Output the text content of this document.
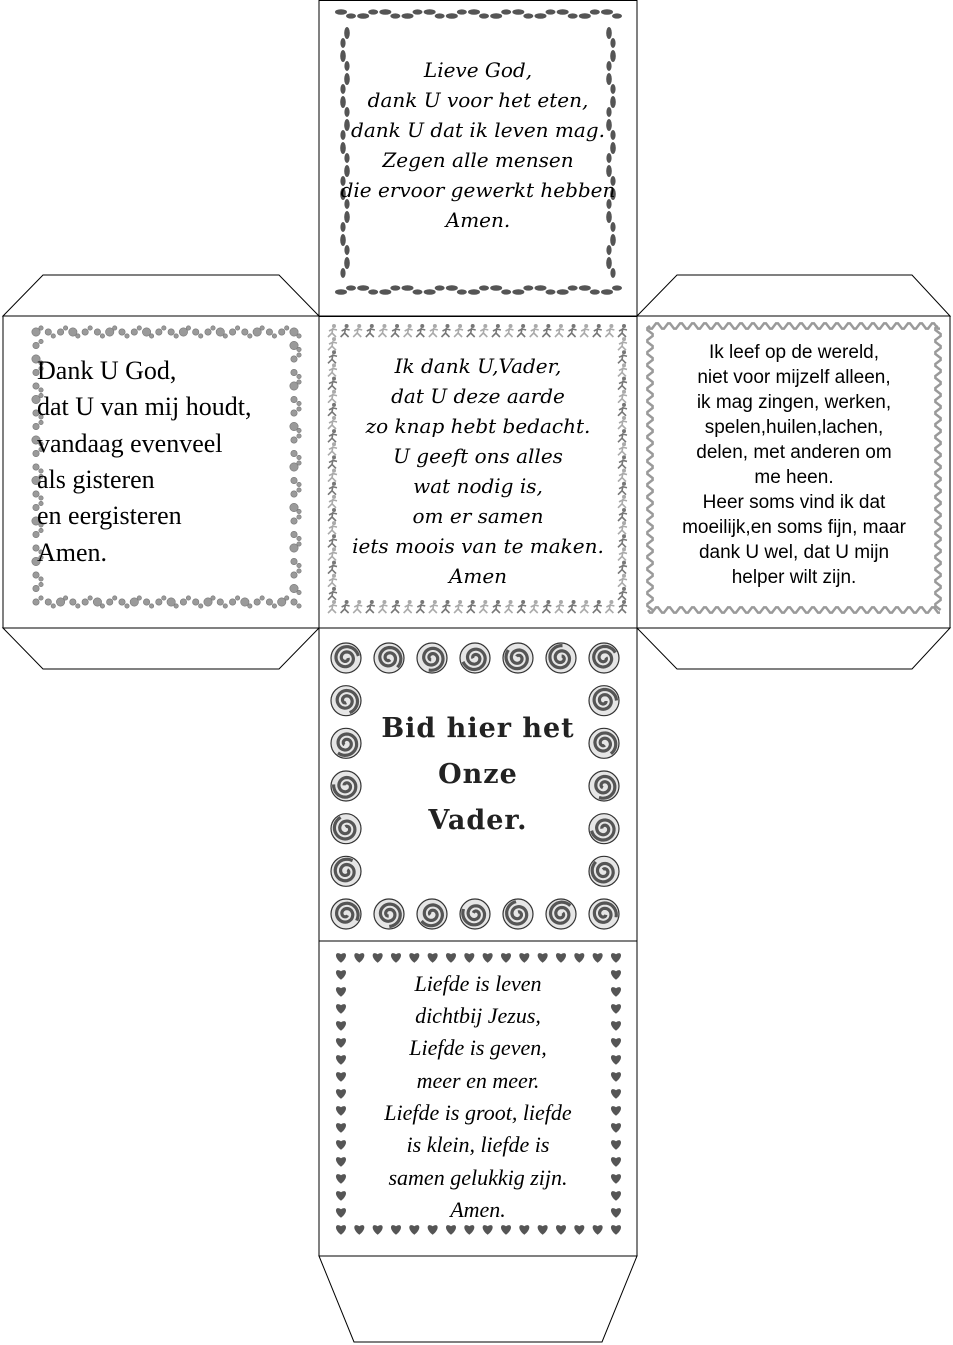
Lieve God,
dank U voor het eten,
dank U dat ik leven mag.
Zegen alle mensen
die ervoor gewerkt hebben
Amen.
Dank U God,
dat U van mij houdt,
vandaag evenveel
als gisteren
en eergisteren
Amen.
Ik dank U,Vader,
dat U deze aarde
zo knap hebt bedacht.
U geeft ons alles
wat nodig is,
om er samen
iets moois van te maken.
Amen
Ik leef op de wereld,
niet voor mijzelf alleen,
ik mag zingen, werken,
spelen,huilen,lachen,
delen, met anderen om
me heen.
Heer soms vind ik dat
moeilijk,en soms fijn, maar
dank U wel, dat U mijn
helper wilt zijn.
Bid hier het
Onze
Vader.
Liefde is leven
dichtbij Jezus,
Liefde is geven,
meer en meer.
Liefde is groot, liefde
is klein, liefde is
samen gelukkig zijn.
Amen.
